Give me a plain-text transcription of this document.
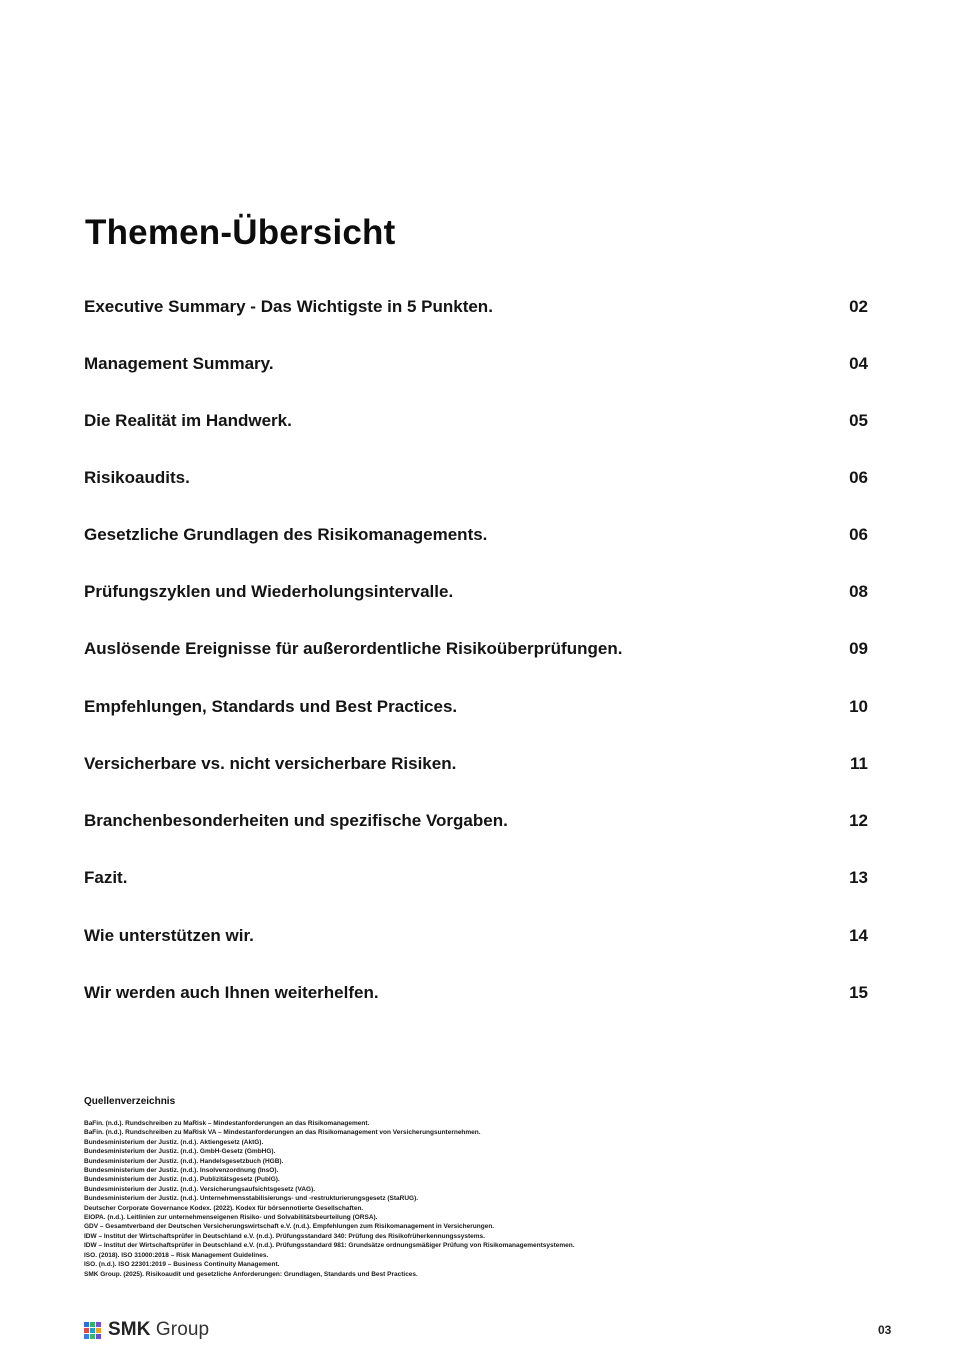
Themen-Übersicht
Executive Summary - Das Wichtigste in 5 Punkten.	02
Management Summary.	04
Die Realität im Handwerk.	05
Risikoaudits.	06
Gesetzliche Grundlagen des Risikomanagements.	06
Prüfungszyklen und Wiederholungsintervalle.	08
Auslösende Ereignisse für außerordentliche Risikoüberprüfungen.	09
Empfehlungen, Standards und Best Practices.	10
Versicherbare vs. nicht versicherbare Risiken.	11
Branchenbesonderheiten und spezifische Vorgaben.	12
Fazit.	13
Wie unterstützen wir.	14
Wir werden auch Ihnen weiterhelfen.	15

Quellenverzeichnis

BaFin. (n.d.). Rundschreiben zu MaRisk – Mindestanforderungen an das Risikomanagement.
BaFin. (n.d.). Rundschreiben zu MaRisk VA – Mindestanforderungen an das Risikomanagement von Versicherungsunternehmen.
Bundesministerium der Justiz. (n.d.). Aktiengesetz (AktG).
Bundesministerium der Justiz. (n.d.). GmbH-Gesetz (GmbHG).
Bundesministerium der Justiz. (n.d.). Handelsgesetzbuch (HGB).
Bundesministerium der Justiz. (n.d.). Insolvenzordnung (InsO).
Bundesministerium der Justiz. (n.d.). Publizitätsgesetz (PublG).
Bundesministerium der Justiz. (n.d.). Versicherungsaufsichtsgesetz (VAG).
Bundesministerium der Justiz. (n.d.). Unternehmensstabilisierungs- und -restrukturierungsgesetz (StaRUG).
Deutscher Corporate Governance Kodex. (2022). Kodex für börsennotierte Gesellschaften.
EIOPA. (n.d.). Leitlinien zur unternehmenseigenen Risiko- und Solvabilitätsbeurteilung (ORSA).
GDV – Gesamtverband der Deutschen Versicherungswirtschaft e.V. (n.d.). Empfehlungen zum Risikomanagement in Versicherungen.
IDW – Institut der Wirtschaftsprüfer in Deutschland e.V. (n.d.). Prüfungsstandard 340: Prüfung des Risikofrüherkennungssystems.
IDW – Institut der Wirtschaftsprüfer in Deutschland e.V. (n.d.). Prüfungsstandard 981: Grundsätze ordnungsmäßiger Prüfung von Risikomanagementsystemen.
ISO. (2018). ISO 31000:2018 – Risk Management Guidelines.
ISO. (n.d.). ISO 22301:2019 – Business Continuity Management.
SMK Group. (2025). Risikoaudit und gesetzliche Anforderungen: Grundlagen, Standards und Best Practices.
SMK Group	03
